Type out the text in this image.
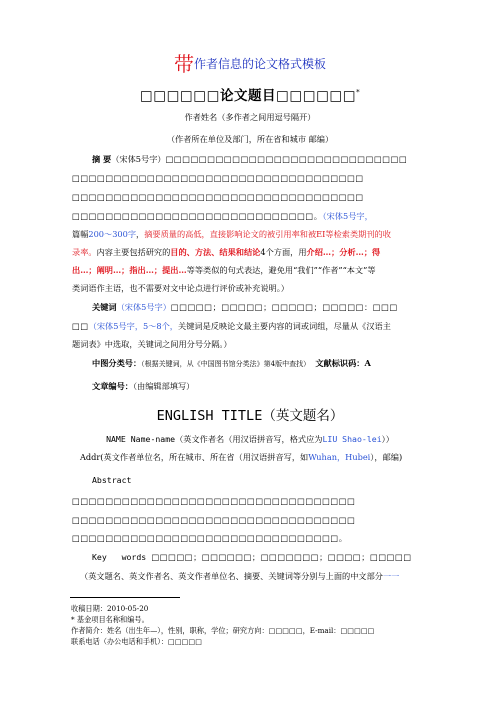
带作者信息的论文格式模板
□□□□□□论文题目□□□□□□*
作者姓名（多作者之间用逗号隔开）
（作者所在单位及部门，所在省和城市 邮编）
摘 要（宋体5号字）□□□□□□□□□□□□□□□□□□□□□□□□□□□□□
□□□□□□□□□□□□□□□□□□□□□□□□□□□□□□□□□□□
□□□□□□□□□□□□□□□□□□□□□□□□□□□□□□□□□□□
□□□□□□□□□□□□□□□□□□□□□□□□□□□□□。（宋体5号字，
篇幅200～300字，摘要质量的高低，直接影响论文的被引用率和被EI等检索类期刊的收
录率。内容主要包括研究的目的、方法、结果和结论4个方面，用介绍…；分析…；得
出…；阐明…；指出…；提出…等等类似的句式表达，避免用“我们”“作者”“本文”等
类词语作主语，也不需要对文中论点进行评价或补充说明。）
关键词（宋体5号字）□□□□□；□□□□□；□□□□□；□□□□□：□□□
□□（宋体5号字，5～8个，关键词是反映论文最主要内容的词或词组，尽量从《汉语主
题词表》中选取，关键词之间用分号分隔。）
中图分类号：（根据关键词，从《中国图书馆分类法》第4版中查找） 文献标识码：A
文章编号：（由编辑部填写）
ENGLISH TITLE（英文题名）
NAME Name-name（英文作者名（用汉语拼音写，格式应为LIU Shao-lei））
Addr(英文作者单位名，所在城市、所在省（用汉语拼音写，如Wuhan，Hubei），邮编)
Abstract
□□□□□□□□□□□□□□□□□□□□□□□□□□□□□□□□□□
□□□□□□□□□□□□□□□□□□□□□□□□□□□□□□□□□□
□□□□□□□□□□□□□□□□□□□□□□□□□□□□□□□□。
Key   words □□□□□；□□□□□□；□□□□□□□；□□□□；□□□□□
（英文题名、英文作者名、英文作者单位名、摘要、关键词等分别与上面的中文部分一一
收稿日期：2010-05-20
* 基金项目名称和编号。
作者简介：姓名（出生年—），性别，职称，学位；研究方向：□□□□□，E-mail：□□□□□
联系电话（办公电话和手机）：□□□□□
